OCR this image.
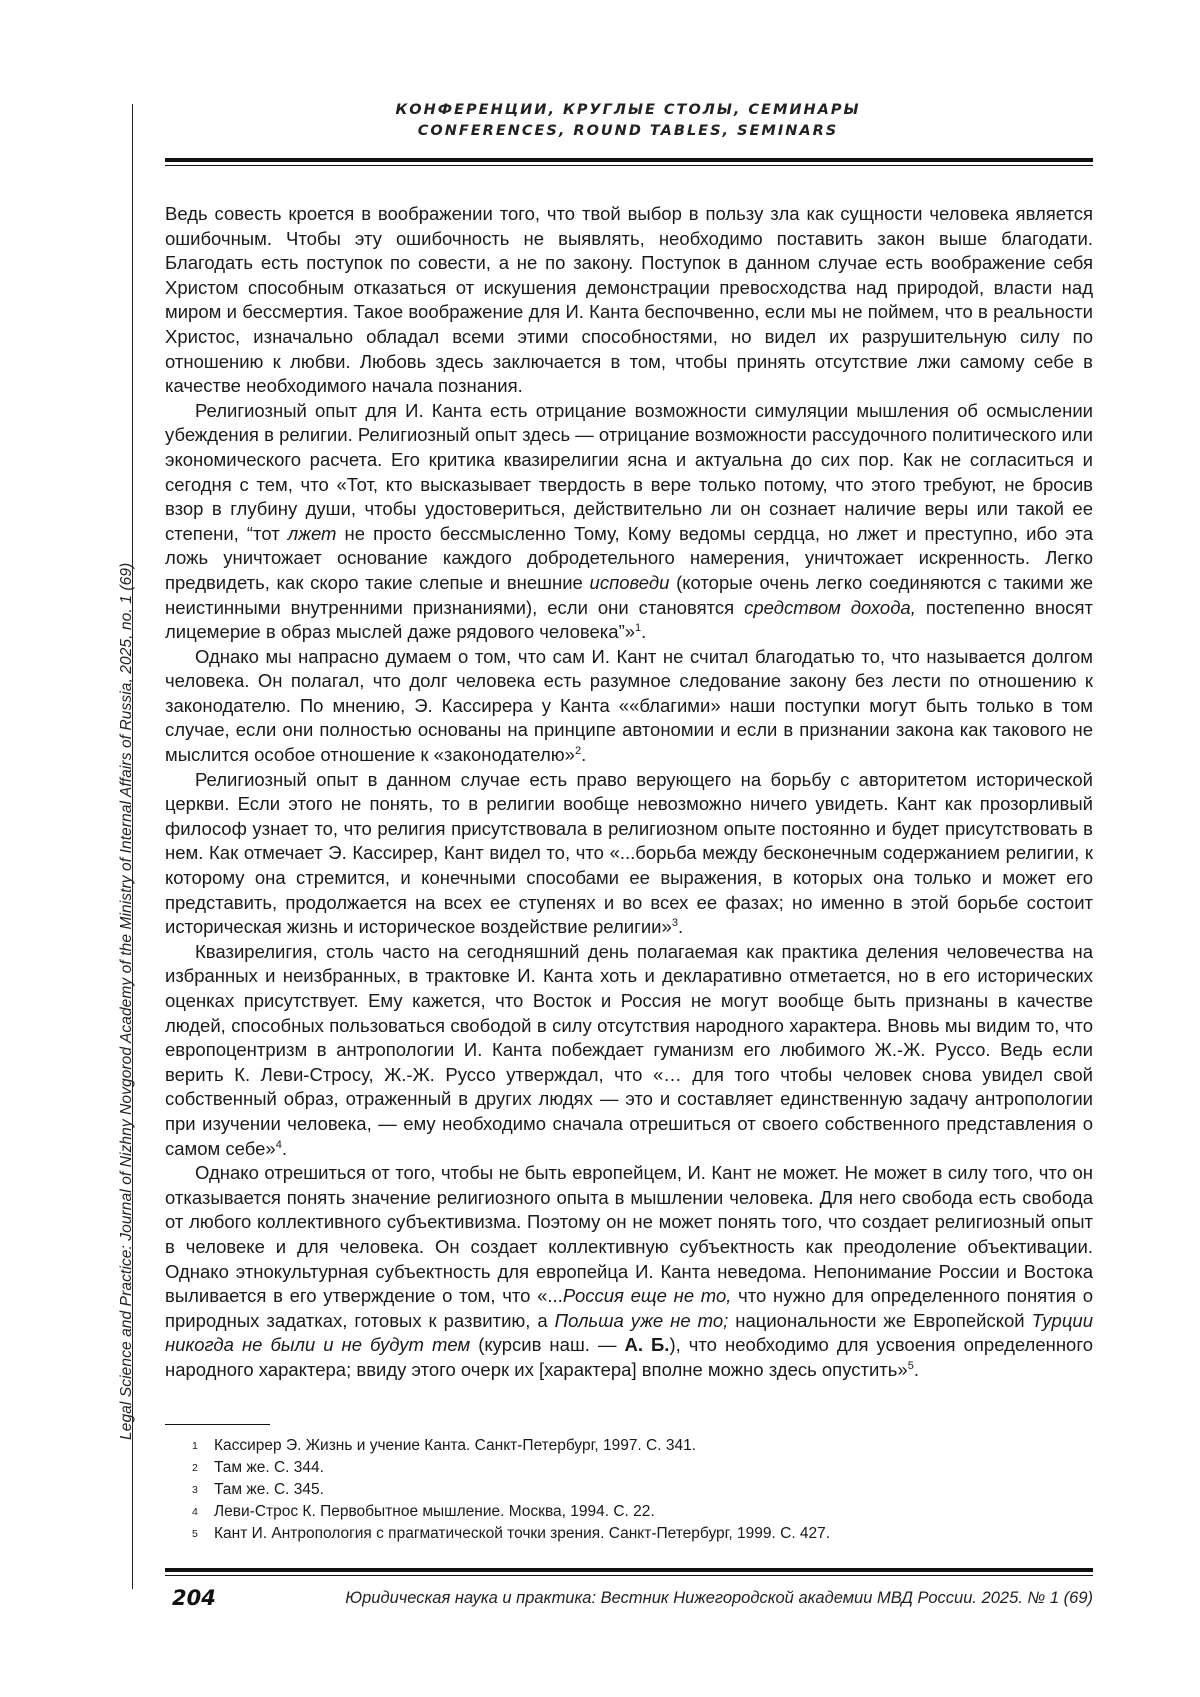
Legal Science and Practice: Journal of Nizhny Novgorod Academy of the Ministry of Internal Affairs of Russia, 2025, no. 1 (69)
КОНФЕРЕНЦИИ, КРУГЛЫЕ СТОЛЫ, СЕМИНАРЫ
CONFERENCES, ROUND TABLES, SEMINARS

Ведь совесть кроется в воображении того, что твой выбор в пользу зла как сущности человека является ошибочным. Чтобы эту ошибочность не выявлять, необходимо поставить закон выше благодати. Благодать есть поступок по совести, а не по закону. Поступок в данном случае есть воображение себя Христом способным отказаться от искушения демонстрации превосходства над природой, власти над миром и бессмертия. Такое воображение для И. Канта беспочвенно, если мы не поймем, что в реальности Христос, изначально обладал всеми этими способностями, но видел их разрушительную силу по отношению к любви. Любовь здесь заключается в том, чтобы принять отсутствие лжи самому себе в качестве необходимого начала познания.

Религиозный опыт для И. Канта есть отрицание возможности симуляции мышления об осмыслении убеждения в религии. Религиозный опыт здесь — отрицание возможности рассудочного политического или экономического расчета. Его критика квазирелигии ясна и актуальна до сих пор. Как не согласиться и сегодня с тем, что «Тот, кто высказывает твердость в вере только потому, что этого требуют, не бросив взор в глубину души, чтобы удостовериться, действительно ли он сознает наличие веры или такой ее степени, “тот лжет не просто бессмысленно Тому, Кому ведомы сердца, но лжет и преступно, ибо эта ложь уничтожает основание каждого добродетельного намерения, уничтожает искренность. Легко предвидеть, как скоро такие слепые и внешние исповеди (которые очень легко соединяются с такими же неистинными внутренними признаниями), если они становятся средством дохода, постепенно вносят лицемерие в образ мыслей даже рядового человека”»$^1$.

Однако мы напрасно думаем о том, что сам И. Кант не считал благодатью то, что называется долгом человека. Он полагал, что долг человека есть разумное следование закону без лести по отношению к законодателю. По мнению, Э. Кассирера у Канта ««благими» наши поступки могут быть только в том случае, если они полностью основаны на принципе автономии и если в признании закона как такового не мыслится особое отношение к «законодателю»$^2$.

Религиозный опыт в данном случае есть право верующего на борьбу с авторитетом исторической церкви. Если этого не понять, то в религии вообще невозможно ничего увидеть. Кант как прозорливый философ узнает то, что религия присутствовала в религиозном опыте постоянно и будет присутствовать в нем. Как отмечает Э. Кассирер, Кант видел то, что «...борьба между бесконечным содержанием религии, к которому она стремится, и конечными способами ее выражения, в которых она только и может его представить, продолжается на всех ее ступенях и во всех ее фазах; но именно в этой борьбе состоит историческая жизнь и историческое воздействие религии»$^3$.

Квазирелигия, столь часто на сегодняшний день полагаемая как практика деления человечества на избранных и неизбранных, в трактовке И. Канта хоть и декларативно отметается, но в его исторических оценках присутствует. Ему кажется, что Восток и Россия не могут вообще быть признаны в качестве людей, способных пользоваться свободой в силу отсутствия народного характера. Вновь мы видим то, что европоцентризм в антропологии И. Канта побеждает гуманизм его любимого Ж.-Ж. Руссо. Ведь если верить К. Леви-Стросу, Ж.-Ж. Руссо утверждал, что «… для того чтобы человек снова увидел свой собственный образ, отраженный в других людях — это и составляет единственную задачу антропологии при изучении человека, — ему необходимо сначала отрешиться от своего собственного представления о самом себе»$^4$.

Однако отрешиться от того, чтобы не быть европейцем, И. Кант не может. Не может в силу того, что он отказывается понять значение религиозного опыта в мышлении человека. Для него свобода есть свобода от любого коллективного субъективизма. Поэтому он не может понять того, что создает религиозный опыт в человеке и для человека. Он создает коллективную субъектность как преодоление объективации. Однако этнокультурная субъектность для европейца И. Канта неведома. Непонимание России и Востока выливается в его утверждение о том, что «...Россия еще не то, что нужно для определенного понятия о природных задатках, готовых к развитию, а Польша уже не то; национальности же Европейской Турции никогда не были и не будут тем (курсив наш. — А. Б.), что необходимо для усвоения определенного народного характера; ввиду этого очерк их [характера] вполне можно здесь опустить»$^5$.

1	Кассирер Э. Жизнь и учение Канта. Санкт-Петербург, 1997. С. 341.
2	Там же. С. 344.
3	Там же. С. 345.
4	Леви-Строс К. Первобытное мышление. Москва, 1994. С. 22.
5	Кант И. Антропология с прагматической точки зрения. Санкт-Петербург, 1999. С. 427.
204	Юридическая наука и практика: Вестник Нижегородской академии МВД России. 2025. № 1 (69)
